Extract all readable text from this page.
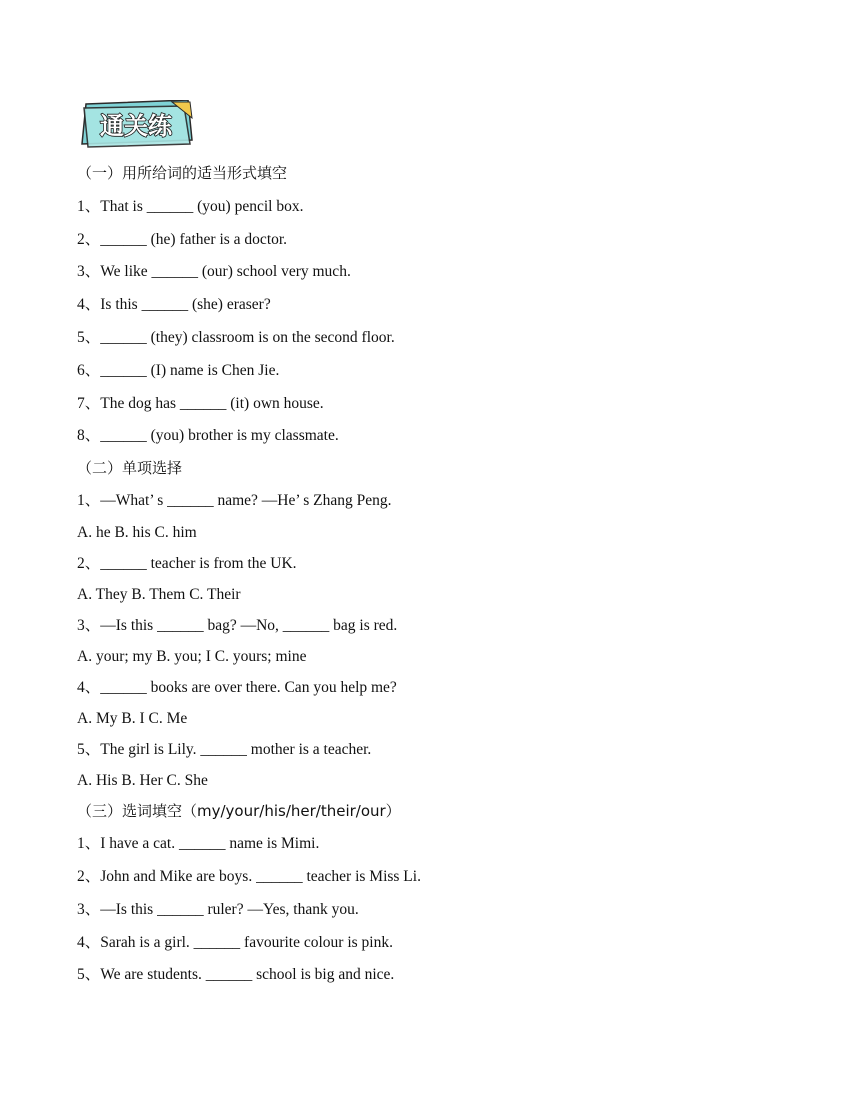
通关练
（一）用所给词的适当形式填空
1、That is ______ (you) pencil box.
2、______ (he) father is a doctor.
3、We like ______ (our) school very much.
4、Is this ______ (she) eraser?
5、______ (they) classroom is on the second floor.
6、______ (I) name is Chen Jie.
7、The dog has ______ (it) own house.
8、______ (you) brother is my classmate.
（二）单项选择
1、—What’ s ______ name? —He’ s Zhang Peng.
A. he B. his C. him
2、______ teacher is from the UK.
A. They B. Them C. Their
3、—Is this ______ bag? —No, ______ bag is red.
A. your; my B. you; I C. yours; mine
4、______ books are over there. Can you help me?
A. My B. I C. Me
5、The girl is Lily. ______ mother is a teacher.
A. His B. Her C. She
（三）选词填空（my/your/his/her/their/our）
1、I have a cat. ______ name is Mimi.
2、John and Mike are boys. ______ teacher is Miss Li.
3、—Is this ______ ruler? —Yes, thank you.
4、Sarah is a girl. ______ favourite colour is pink.
5、We are students. ______ school is big and nice.
